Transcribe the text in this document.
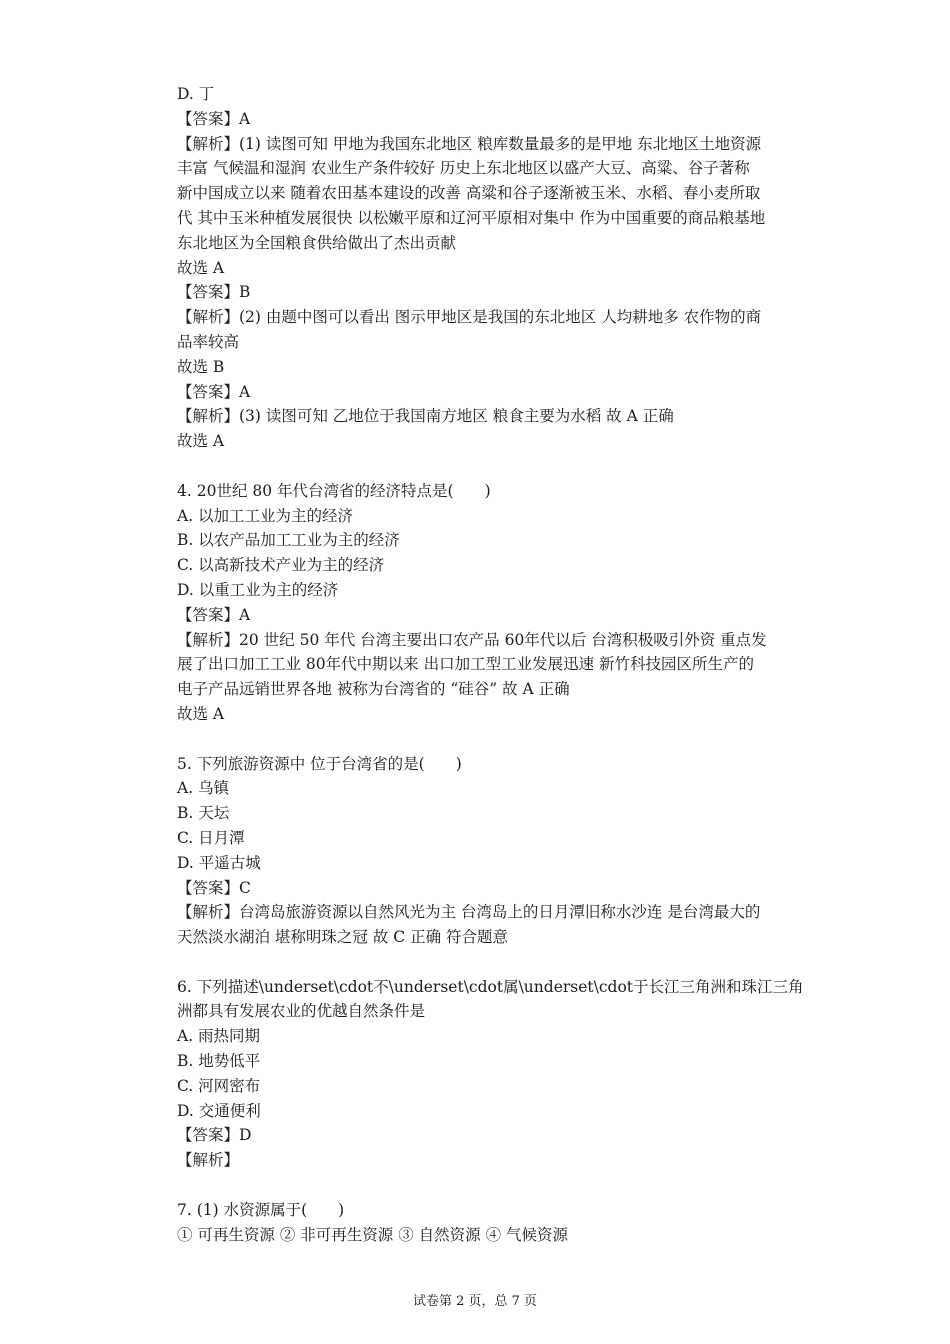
D. 丁
【答案】A
【解析】(1) 读图可知 甲地为我国东北地区 粮库数量最多的是甲地 东北地区土地资源
丰富 气候温和湿润 农业生产条件较好 历史上东北地区以盛产大豆、高粱、谷子著称
新中国成立以来 随着农田基本建设的改善 高粱和谷子逐渐被玉米、水稻、春小麦所取
代 其中玉米种植发展很快 以松嫩平原和辽河平原相对集中 作为中国重要的商品粮基地
东北地区为全国粮食供给做出了杰出贡献
故选 A
【答案】B
【解析】(2) 由题中图可以看出 图示甲地区是我国的东北地区 人均耕地多 农作物的商
品率较高
故选 B
【答案】A
【解析】(3) 读图可知 乙地位于我国南方地区 粮食主要为水稻 故 A 正确
故选 A
4. 20世纪 80 年代台湾省的经济特点是(　　)
A. 以加工工业为主的经济
B. 以农产品加工工业为主的经济
C. 以高新技术产业为主的经济
D. 以重工业为主的经济
【答案】A
【解析】20 世纪 50 年代 台湾主要出口农产品 60年代以后 台湾积极吸引外资 重点发
展了出口加工工业 80年代中期以来 出口加工型工业发展迅速 新竹科技园区所生产的
电子产品远销世界各地 被称为台湾省的 “硅谷” 故 A 正确
故选 A
5. 下列旅游资源中 位于台湾省的是(　　)
A. 乌镇
B. 天坛
C. 日月潭
D. 平遥古城
【答案】C
【解析】台湾岛旅游资源以自然风光为主 台湾岛上的日月潭旧称水沙连 是台湾最大的
天然淡水湖泊 堪称明珠之冠 故 C 正确 符合题意
6. 下列描述\underset\cdot不\underset\cdot属\underset\cdot于长江三角洲和珠江三角
洲都具有发展农业的优越自然条件是
A. 雨热同期
B. 地势低平
C. 河网密布
D. 交通便利
【答案】D
【解析】
7. (1) 水资源属于(　　)
① 可再生资源 ② 非可再生资源 ③ 自然资源 ④ 气候资源
试卷第 2 页，总 7 页
